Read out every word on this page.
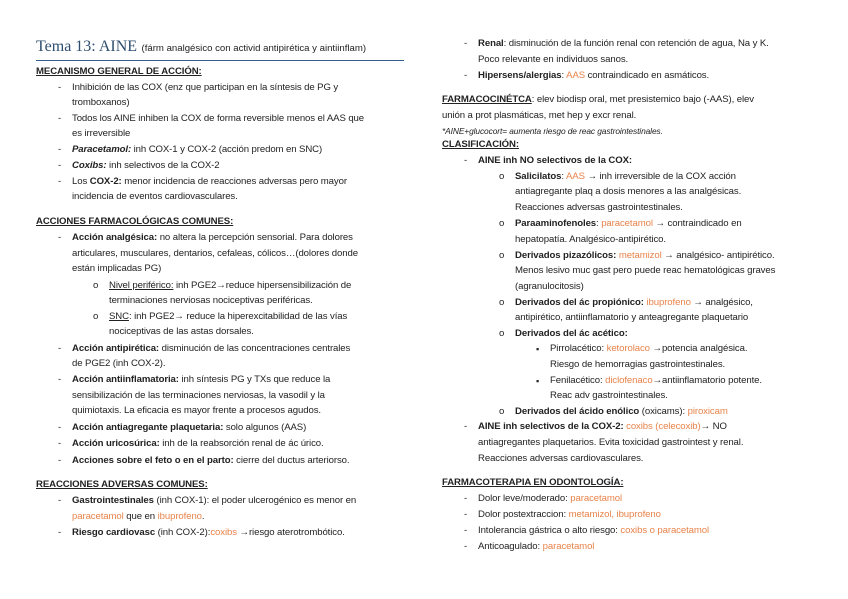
Tema 13: AINE (fárm analgésico con activid antipirética y aintiinflam)
MECANISMO GENERAL DE ACCIÓN:
- Inhibición de las COX (enz que participan en la síntesis de PG y
tromboxanos)
- Todos los AINE inhiben la COX de forma reversible menos el AAS que
es irreversible
- Paracetamol: inh COX-1 y COX-2 (acción predom en SNC)
- Coxibs: inh selectivos de la COX-2
- Los COX-2: menor incidencia de reacciones adversas pero mayor
incidencia de eventos cardiovasculares.
ACCIONES FARMACOLÓGICAS COMUNES:
- Acción analgésica: no altera la percepción sensorial. Para dolores
articulares, musculares, dentarios, cefaleas, cólicos…(dolores donde
están implicadas PG)
o Nivel periférico: inh PGE2→reduce hipersensibilización de
terminaciones nerviosas nociceptivas periféricas.
o SNC: inh PGE2→ reduce la hiperexcitabilidad de las vías
nociceptivas de las astas dorsales.
- Acción antipirética: disminución de las concentraciones centrales
de PGE2 (inh COX-2).
- Acción antiinflamatoria: inh síntesis PG y TXs que reduce la
sensibilización de las terminaciones nerviosas, la vasodil y la
quimiotaxis. La eficacia es mayor frente a procesos agudos.
- Acción antiagregante plaquetaria: solo algunos (AAS)
- Acción uricosúrica: inh de la reabsorción renal de ác úrico.
- Acciones sobre el feto o en el parto: cierre del ductus arteriorso.
REACCIONES ADVERSAS COMUNES:
- Gastrointestinales (inh COX-1): el poder ulcerogénico es menor en
paracetamol que en ibuprofeno.
- Riesgo cardiovasc (inh COX-2):coxibs →riesgo aterotrombótico.
- Renal: disminución de la función renal con retención de agua, Na y K.
Poco relevante en individuos sanos.
- Hipersens/alergias: AAS contraindicado en asmáticos.
FARMACOCINÉTCA: elev biodisp oral, met presistemico bajo (-AAS), elev
unión a prot plasmáticas, met hep y excr renal.
*AINE+glucocort= aumenta riesgo de reac gastrointestinales.
CLASIFICACIÓN:
- AINE inh NO selectivos de la COX:
o Salicilatos: AAS → inh irreversible de la COX acción
antiagregante plaq a dosis menores a las analgésicas.
Reacciones adversas gastrointestinales.
o Paraaminofenoles: paracetamol → contraindicado en
hepatopatía. Analgésico-antipirético.
o Derivados pizazólicos: metamizol → analgésico- antipirético.
Menos lesivo muc gast pero puede reac hematológicas graves
(agranulocitosis)
o Derivados del ác propiónico: ibuprofeno → analgésico,
antipirético, antiinflamatorio y anteagregante plaquetario
o Derivados del ác acético:
▪ Pirrolacético: ketorolaco →potencia analgésica.
Riesgo de hemorragias gastrointestinales.
▪ Fenilacético: diclofenaco→antiinflamatorio potente.
Reac adv gastrointestinales.
o Derivados del ácido enólico (oxicams): piroxicam
- AINE inh selectivos de la COX-2: coxibs (celecoxib)→ NO
antiagregantes plaquetarios. Evita toxicidad gastrointest y renal.
Reacciones adversas cardiovasculares.
FARMACOTERAPIA EN ODONTOLOGÍA:
- Dolor leve/moderado: paracetamol
- Dolor postextraccion: metamizol, ibuprofeno
- Intolerancia gástrica o alto riesgo: coxibs o paracetamol
- Anticoagulado: paracetamol
